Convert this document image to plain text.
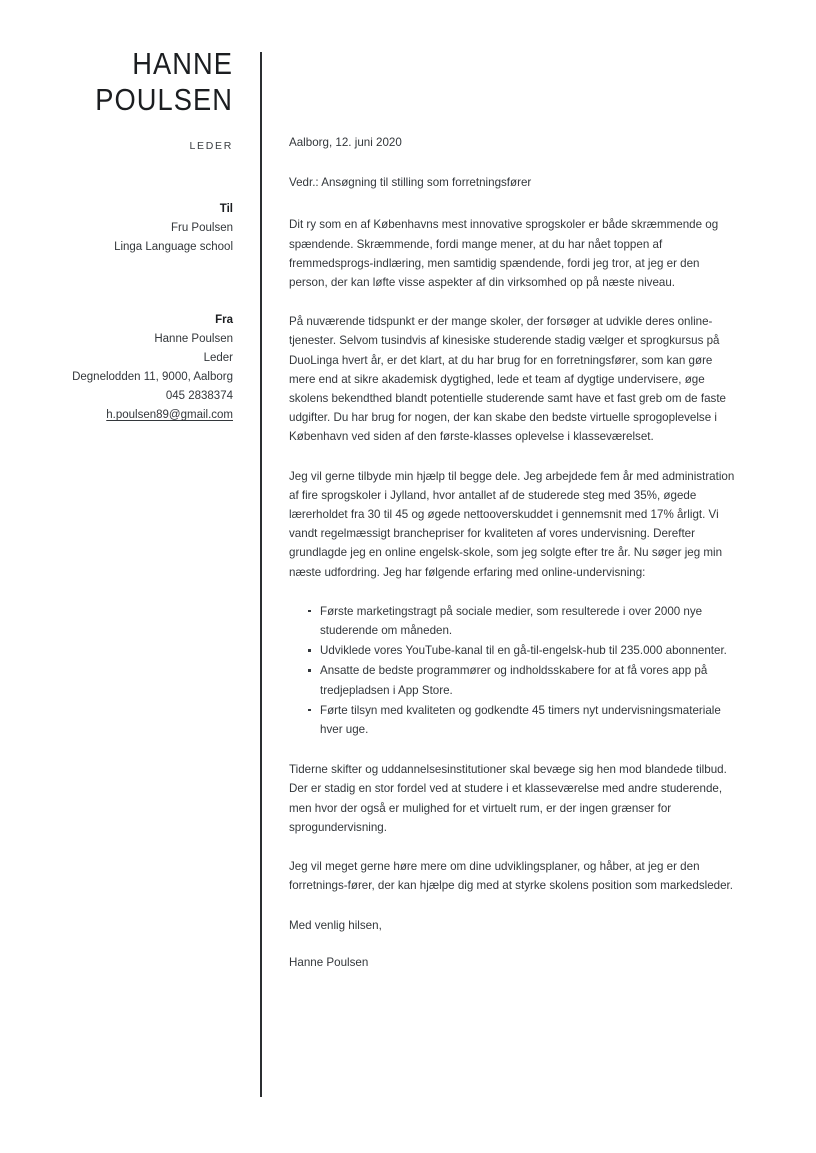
HANNE
POULSEN
LEDER
Til
Fru Poulsen
Linga Language school
Fra
Hanne Poulsen
Leder
Degnelodden 11, 9000, Aalborg
045 2838374
h.poulsen89@gmail.com

Aalborg, 12. juni 2020

Vedr.: Ansøgning til stilling som forretningsfører

Dit ry som en af Københavns mest innovative sprogskoler er både skræmmende og spændende. Skræmmende, fordi mange mener, at du har nået toppen af fremmedsprogs-indlæring, men samtidig spændende, fordi jeg tror, at jeg er den person, der kan løfte visse aspekter af din virksomhed op på næste niveau.

På nuværende tidspunkt er der mange skoler, der forsøger at udvikle deres online-tjenester. Selvom tusindvis af kinesiske studerende stadig vælger et sprogkursus på DuoLinga hvert år, er det klart, at du har brug for en forretningsfører, som kan gøre mere end at sikre akademisk dygtighed, lede et team af dygtige undervisere, øge skolens bekendthed blandt potentielle studerende samt have et fast greb om de faste udgifter. Du har brug for nogen, der kan skabe den bedste virtuelle sprogoplevelse i København ved siden af den første-klasses oplevelse i klasseværelset.

Jeg vil gerne tilbyde min hjælp til begge dele. Jeg arbejdede fem år med administration af fire sprogskoler i Jylland, hvor antallet af de studerede steg med 35%, øgede lærerholdet fra 30 til 45 og øgede nettooverskuddet i gennemsnit med 17% årligt. Vi vandt regelmæssigt branchepriser for kvaliteten af vores undervisning. Derefter grundlagde jeg en online engelsk-skole, som jeg solgte efter tre år. Nu søger jeg min næste udfordring. Jeg har følgende erfaring med online-undervisning:

Første marketingstragt på sociale medier, som resulterede i over 2000 nye studerende om måneden.
Udviklede vores YouTube-kanal til en gå-til-engelsk-hub til 235.000 abonnenter.
Ansatte de bedste programmører og indholdsskabere for at få vores app på tredjepladsen i App Store.
Førte tilsyn med kvaliteten og godkendte 45 timers nyt undervisningsmateriale hver uge.

Tiderne skifter og uddannelsesinstitutioner skal bevæge sig hen mod blandede tilbud. Der er stadig en stor fordel ved at studere i et klasseværelse med andre studerende, men hvor der også er mulighed for et virtuelt rum, er der ingen grænser for sprogundervisning.

Jeg vil meget gerne høre mere om dine udviklingsplaner, og håber, at jeg er den forretnings-fører, der kan hjælpe dig med at styrke skolens position som markedsleder.

Med venlig hilsen,

Hanne Poulsen
